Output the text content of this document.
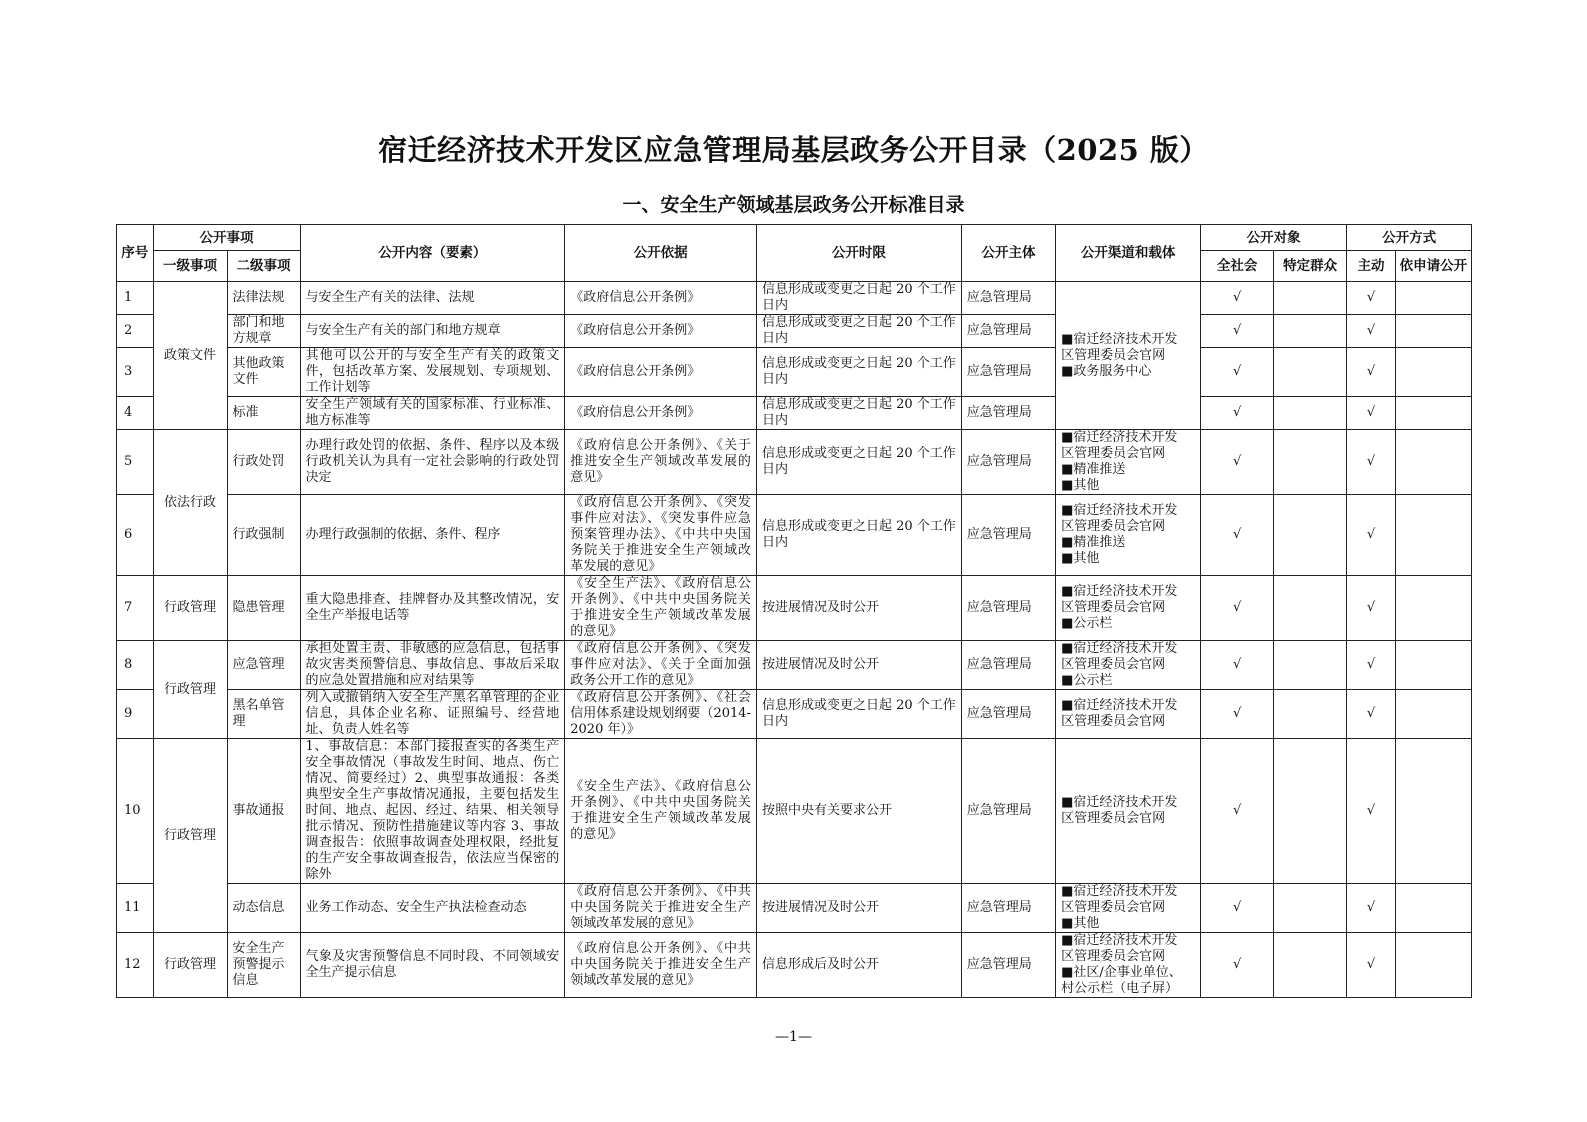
宿迁经济技术开发区应急管理局基层政务公开目录（2025 版）
一、安全生产领域基层政务公开标准目录
序号	公开事项		公开内容（要素）	公开依据	公开时限	公开主体	公开渠道和载体	公开对象		公开方式	
	一级事项	二级事项						全社会	特定群众	主动	依申请公开
1	政策文件	法律法规	与安全生产有关的法律、法规	《政府信息公开条例》	信息形成或变更之日起 20 个工作日内	应急管理局	■宿迁经济技术开发
区管理委员会官网
■政务服务中心	√		√	
2		部门和地方规章	与安全生产有关的部门和地方规章	《政府信息公开条例》	信息形成或变更之日起 20 个工作日内	应急管理局		√		√	
3		其他政策文件	其他可以公开的与安全生产有关的政策文件，包括改革方案、发展规划、专项规划、工作计划等	《政府信息公开条例》	信息形成或变更之日起 20 个工作日内	应急管理局		√		√	
4		标准	安全生产领域有关的国家标准、行业标准、地方标准等	《政府信息公开条例》	信息形成或变更之日起 20 个工作日内	应急管理局		√		√	
5	依法行政	行政处罚	办理行政处罚的依据、条件、程序以及本级行政机关认为具有一定社会影响的行政处罚决定	《政府信息公开条例》、《关于推进安全生产领域改革发展的意见》	信息形成或变更之日起 20 个工作日内	应急管理局	■宿迁经济技术开发
区管理委员会官网
■精准推送
■其他	√		√	
6		行政强制	办理行政强制的依据、条件、程序	《政府信息公开条例》、《突发事件应对法》、《突发事件应急预案管理办法》、《中共中央国务院关于推进安全生产领域改革发展的意见》	信息形成或变更之日起 20 个工作日内	应急管理局	■宿迁经济技术开发
区管理委员会官网
■精准推送
■其他	√		√	
7	行政管理	隐患管理	重大隐患排查、挂牌督办及其整改情况，安全生产举报电话等	《安全生产法》、《政府信息公开条例》、《中共中央国务院关于推进安全生产领域改革发展的意见》	按进展情况及时公开	应急管理局	■宿迁经济技术开发
区管理委员会官网
■公示栏	√		√	
8	行政管理	应急管理	承担处置主责、非敏感的应急信息，包括事故灾害类预警信息、事故信息、事故后采取的应急处置措施和应对结果等	《政府信息公开条例》、《突发事件应对法》、《关于全面加强政务公开工作的意见》	按进展情况及时公开	应急管理局	■宿迁经济技术开发
区管理委员会官网
■公示栏	√		√	
9		黑名单管理	列入或撤销纳入安全生产黑名单管理的企业信息，具体企业名称、证照编号、经营地址、负责人姓名等	《政府信息公开条例》、《社会信用体系建设规划纲要（2014-2020 年）》	信息形成或变更之日起 20 个工作日内	应急管理局	■宿迁经济技术开发
区管理委员会官网	√		√	
10	行政管理	事故通报	1、事故信息：本部门接报查实的各类生产安全事故情况（事故发生时间、地点、伤亡情况、简要经过）2、典型事故通报：各类典型安全生产事故情况通报，主要包括发生时间、地点、起因、经过、结果、相关领导批示情况、预防性措施建议等内容 3、事故调查报告：依照事故调查处理权限，经批复的生产安全事故调查报告，依法应当保密的除外	《安全生产法》、《政府信息公开条例》、《中共中央国务院关于推进安全生产领域改革发展的意见》	按照中央有关要求公开	应急管理局	■宿迁经济技术开发
区管理委员会官网	√		√	
11		动态信息	业务工作动态、安全生产执法检查动态	《政府信息公开条例》、《中共中央国务院关于推进安全生产领域改革发展的意见》	按进展情况及时公开	应急管理局	■宿迁经济技术开发
区管理委员会官网
■其他	√		√	
12	行政管理	安全生产预警提示信息	气象及灾害预警信息不同时段、不同领域安全生产提示信息	《政府信息公开条例》、《中共中央国务院关于推进安全生产领域改革发展的意见》	信息形成后及时公开	应急管理局	■宿迁经济技术开发
区管理委员会官网
■社区/企事业单位、
村公示栏（电子屏）	√		√	
—1—
